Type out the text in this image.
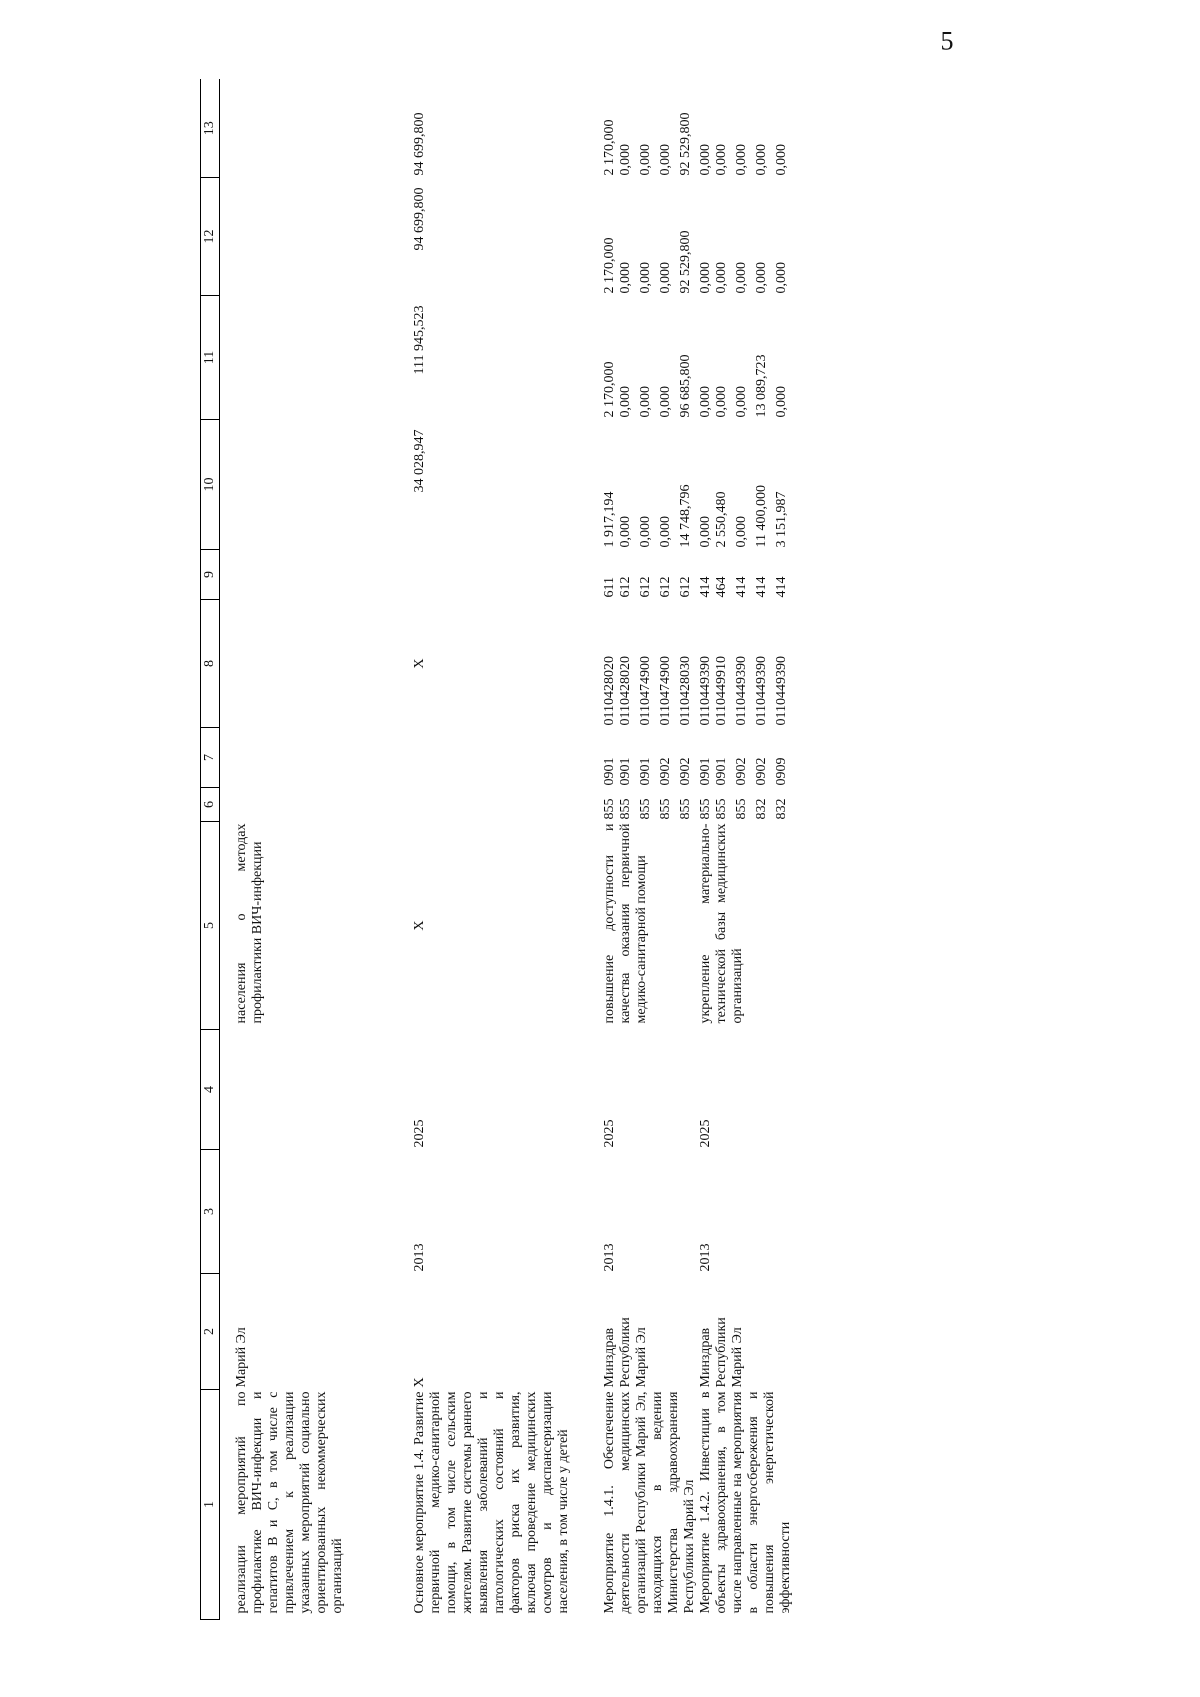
5
1	2	3	4	5	6	7	8	9	10	11	12	13
реализации мероприятий по профилактике ВИЧ-инфекции и гепатитов В и С, в том числе с привлечением к реализации указанных мероприятий социально ориентированных некоммерческих организаций	Марий Эл			населения о методах профилактики ВИЧ-инфекции								
Основное мероприятие 1.4. Развитие первичной медико-санитарной помощи, в том числе сельским жителям. Развитие системы раннего выявления заболеваний и патологических состояний и факторов риска их развития, включая проведение медицинских осмотров и диспансеризации населения, в том числе у детей	X	2013	2025	X			X		34 028,947	111 945,523	94 699,800	94 699,800
Мероприятие 1.4.1. Обеспечение деятельности медицинских организаций Республики Марий Эл, находящихся в ведении Министерства здравоохранения Республики Марий Эл	Минздрав Республики Марий Эл	2013	2025	повышение доступности и качества оказания первичной медико-санитарной помощи	855	0901	0110428020	611	1 917,194	2 170,000	2 170,000	2 170,000
					855	0901	0110428020	612	0,000	0,000	0,000	0,000
					855	0901	0110474900	612	0,000	0,000	0,000	0,000
					855	0902	0110474900	612	0,000	0,000	0,000	0,000
					855	0902	0110428030	612	14 748,796	96 685,800	92 529,800	92 529,800
Мероприятие 1.4.2. Инвестиции в объекты здравоохранения, в том числе направленные на мероприятия в области энергосбережения и повышения энергетической эффективности	Минздрав Республики Марий Эл	2013	2025	укрепление материально-технической базы медицинских организаций	855	0901	0110449390	414	0,000	0,000	0,000	0,000
					855	0901	0110449910	464	2 550,480	0,000	0,000	0,000
					855	0902	0110449390	414	0,000	0,000	0,000	0,000
					832	0902	0110449390	414	11 400,000	13 089,723	0,000	0,000
					832	0909	0110449390	414	3 151,987	0,000	0,000	0,000
